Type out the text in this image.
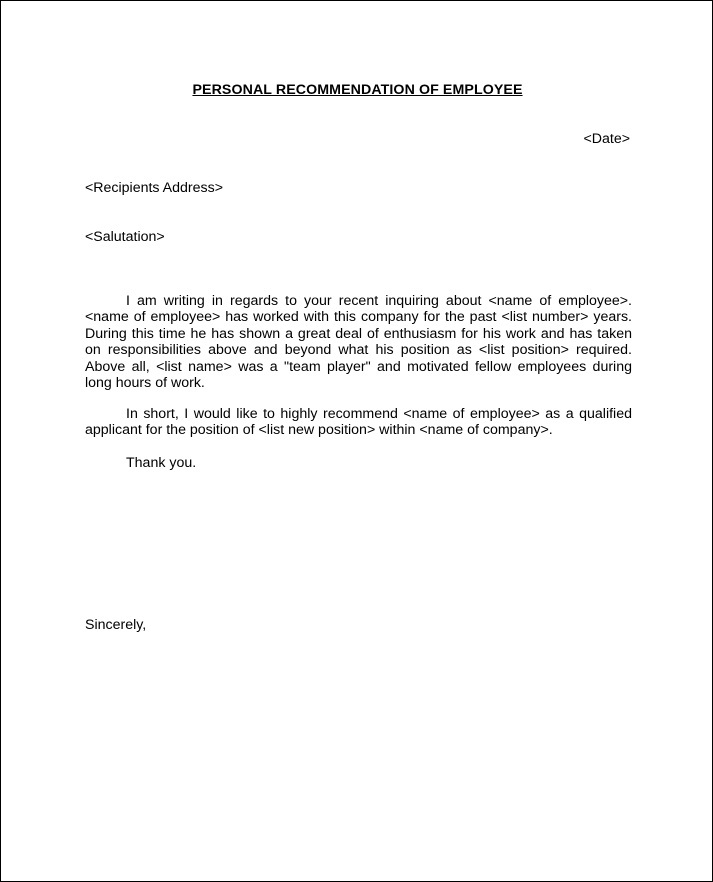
PERSONAL RECOMMENDATION OF EMPLOYEE
<Date>
<Recipients Address>
<Salutation>

I am writing in regards to your recent inquiring about <name of employee>. <name of employee> has worked with this company for the past <list number> years. During this time he has shown a great deal of enthusiasm for his work and has taken on responsibilities above and beyond what his position as <list position> required. Above all, <list name> was a "team player" and motivated fellow employees during long hours of work.

In short, I would like to highly recommend <name of employee> as a qualified applicant for the position of <list new position> within <name of company>.

Thank you.

Sincerely,
